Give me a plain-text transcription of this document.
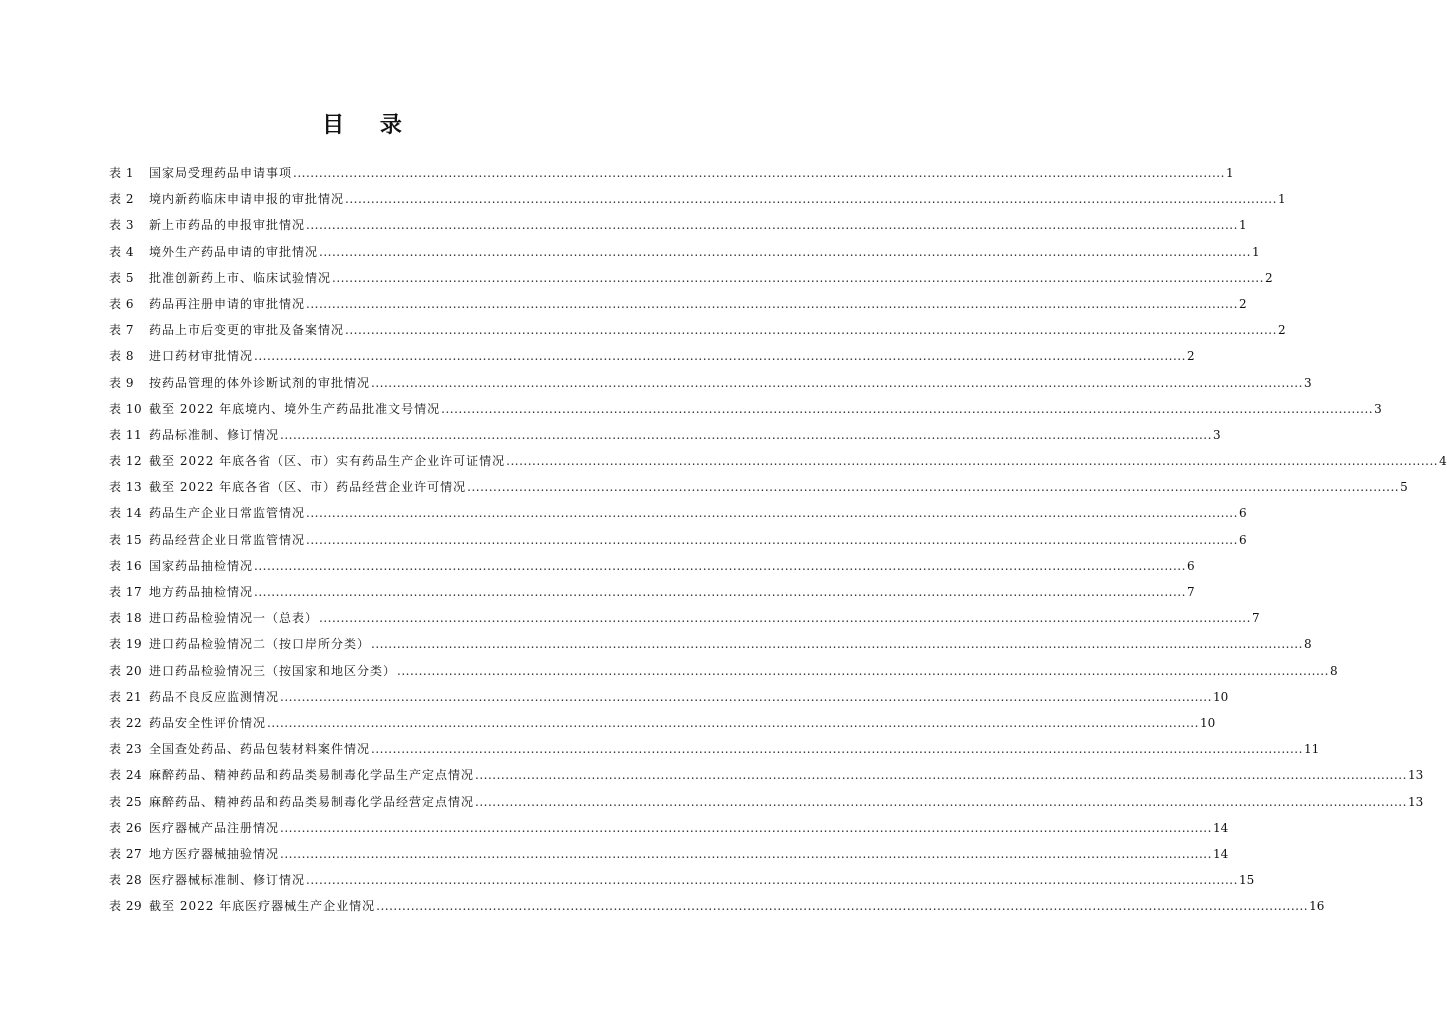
目 录
表 1	国家局受理药品申请事项 .....	1
表 2	境内新药临床申请申报的审批情况 .....	1
表 3	新上市药品的申报审批情况 .....	1
表 4	境外生产药品申请的审批情况 .....	1
表 5	批准创新药上市、临床试验情况 .....	2
表 6	药品再注册申请的审批情况 .....	2
表 7	药品上市后变更的审批及备案情况 .....	2
表 8	进口药材审批情况 .....	2
表 9	按药品管理的体外诊断试剂的审批情况 .....	3
表 10 截至 2022 年底境内、境外生产药品批准文号情况 .....	3
表 11 药品标准制、修订情况 .....	3
表 12 截至 2022 年底各省（区、市）实有药品生产企业许可证情况 .....	4
表 13 截至 2022 年底各省（区、市）药品经营企业许可情况 .....	5
表 14 药品生产企业日常监管情况 .....	6
表 15 药品经营企业日常监管情况 .....	6
表 16 国家药品抽检情况 .....	6
表 17 地方药品抽检情况 .....	7
表 18 进口药品检验情况一（总表） .....	7
表 19 进口药品检验情况二（按口岸所分类） .....	8
表 20 进口药品检验情况三（按国家和地区分类） .....	8
表 21 药品不良反应监测情况 .....	10
表 22 药品安全性评价情况 .....	10
表 23 全国查处药品、药品包装材料案件情况 .....	11
表 24 麻醉药品、精神药品和药品类易制毒化学品生产定点情况 .....	13
表 25 麻醉药品、精神药品和药品类易制毒化学品经营定点情况 .....	13
表 26 医疗器械产品注册情况 .....	14
表 27 地方医疗器械抽验情况 .....	14
表 28 医疗器械标准制、修订情况 .....	15
表 29 截至 2022 年底医疗器械生产企业情况 .....	16
